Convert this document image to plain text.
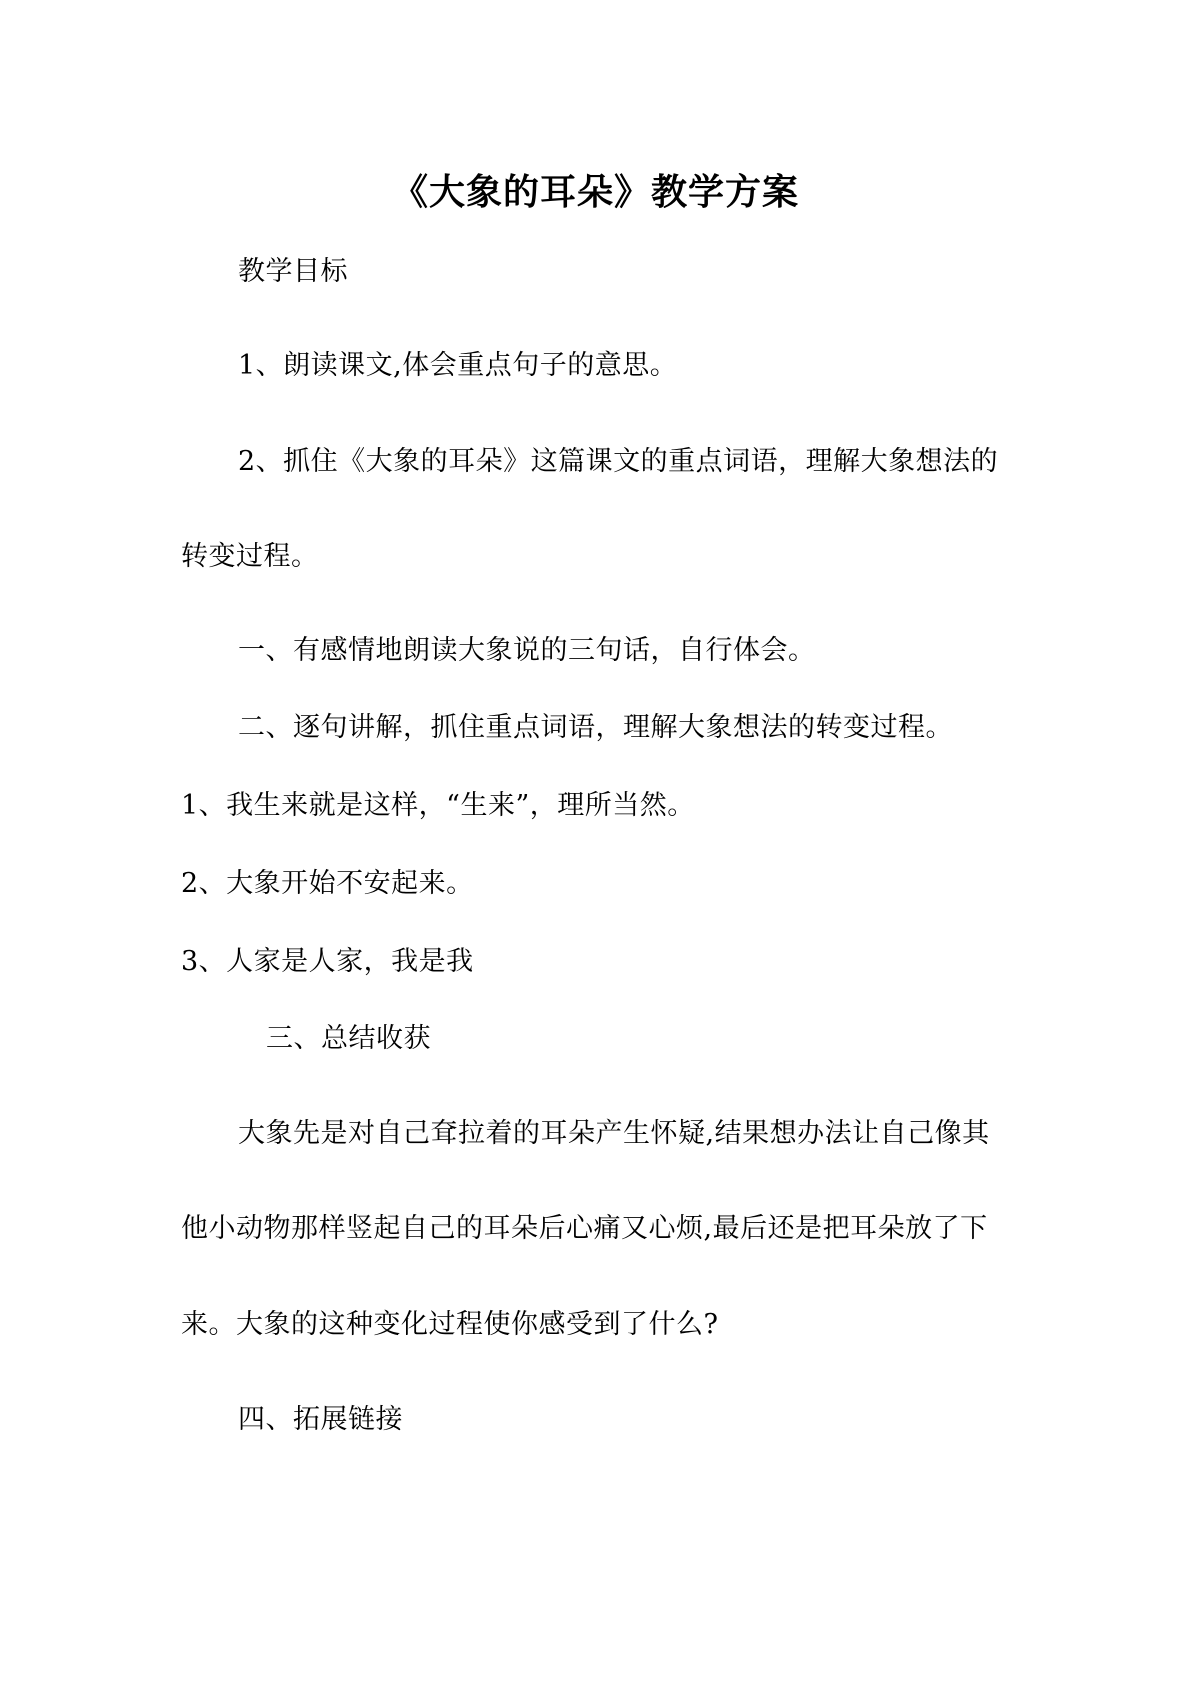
《大象的耳朵》教学方案
教学目标
1、朗读课文,体会重点句子的意思。
2、抓住《大象的耳朵》这篇课文的重点词语，理解大象想法的
转变过程。
一、有感情地朗读大象说的三句话，自行体会。
二、逐句讲解，抓住重点词语，理解大象想法的转变过程。
1、我生来就是这样，“生来”，理所当然。
2、大象开始不安起来。
3、人家是人家，我是我
三、总结收获
大象先是对自己耷拉着的耳朵产生怀疑,结果想办法让自己像其
他小动物那样竖起自己的耳朵后心痛又心烦,最后还是把耳朵放了下
来。大象的这种变化过程使你感受到了什么?
四、拓展链接
